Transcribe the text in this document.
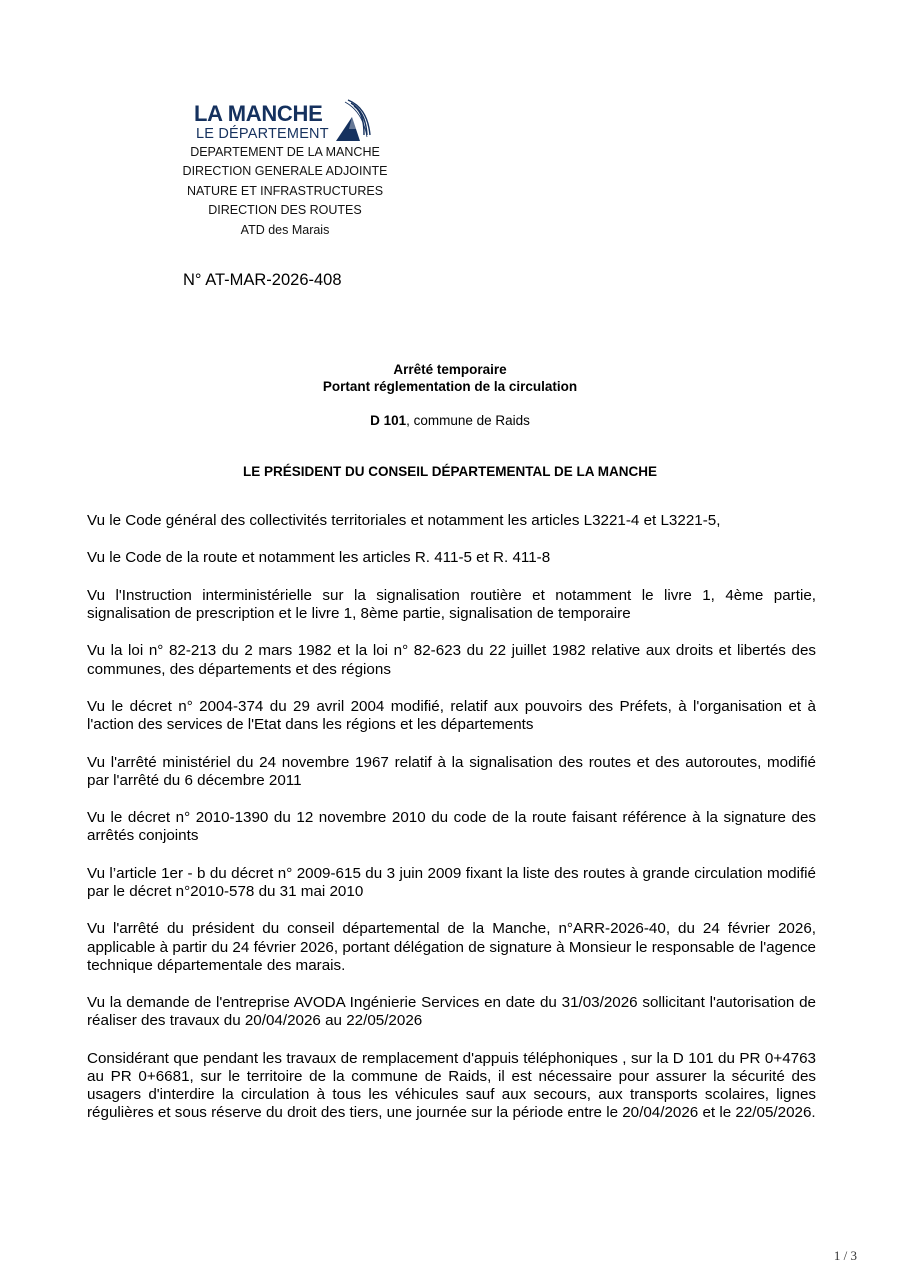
LA MANCHE
LE DÉPARTEMENT
DEPARTEMENT DE LA MANCHE
DIRECTION GENERALE ADJOINTE
NATURE ET INFRASTRUCTURES
DIRECTION DES ROUTES
ATD des Marais
N° AT-MAR-2026-408
Arrêté temporaire
Portant réglementation de la circulation
D 101, commune de Raids
LE PRÉSIDENT DU CONSEIL DÉPARTEMENTAL DE LA MANCHE

Vu le Code général des collectivités territoriales et notamment les articles L3221-4 et L3221-5,

Vu le Code de la route et notamment les articles R. 411-5 et R. 411-8

Vu l'Instruction interministérielle sur la signalisation routière et notamment le livre 1, 4ème partie, signalisation de prescription et le livre 1, 8ème partie, signalisation de temporaire

Vu la loi n° 82-213 du 2 mars 1982 et la loi n° 82-623 du 22 juillet 1982 relative aux droits et libertés des communes, des départements et des régions

Vu le décret n° 2004-374 du 29 avril 2004 modifié, relatif aux pouvoirs des Préfets, à l'organisation et à l'action des services de l'Etat dans les régions et les départements

Vu l'arrêté ministériel du 24 novembre 1967 relatif à la signalisation des routes et des autoroutes, modifié par l'arrêté du 6 décembre 2011

Vu le décret n° 2010-1390 du 12 novembre 2010 du code de la route faisant référence à la signature des arrêtés conjoints

Vu l’article 1er - b du décret n° 2009-615 du 3 juin 2009 fixant la liste des routes à grande circulation modifié par le décret n°2010-578 du 31 mai 2010

Vu l'arrêté du président du conseil départemental de la Manche, n°ARR-2026-40, du 24 février 2026, applicable à partir du 24 février 2026, portant délégation de signature à Monsieur le responsable de l'agence technique départementale des marais.

Vu la demande de l'entreprise AVODA Ingénierie Services en date du 31/03/2026 sollicitant l'autorisation de réaliser des travaux du 20/04/2026 au 22/05/2026

Considérant que pendant les travaux de remplacement d'appuis téléphoniques , sur la D 101 du PR 0+4763 au PR 0+6681, sur le territoire de la commune de Raids, il est nécessaire pour assurer la sécurité des usagers d'interdire la circulation à tous les véhicules sauf aux secours, aux transports scolaires, lignes régulières et sous réserve du droit des tiers, une journée sur la période entre le 20/04/2026 et le 22/05/2026.

1 / 3
